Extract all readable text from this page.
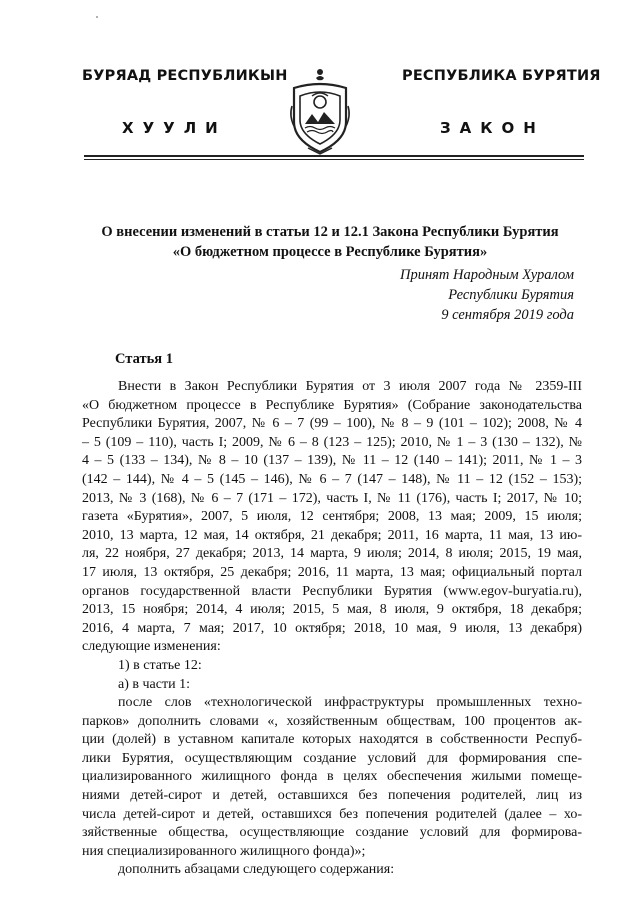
БУРЯАД РЕСПУБЛИКЫН	РЕСПУБЛИКА БУРЯТИЯ
ХУУЛИ	ЗАКОН
О внесении изменений в статьи 12 и 12.1 Закона Республики Бурятия
«О бюджетном процессе в Республике Бурятия»
Принят Народным Хуралом
Республики Бурятия
9 сентября 2019 года
Статья 1
Внести в Закон Республики Бурятия от 3 июля 2007 года № 2359-III
«О бюджетном процессе в Республике Бурятия» (Собрание законодательства
Республики Бурятия, 2007, № 6 – 7 (99 – 100), № 8 – 9 (101 – 102); 2008, № 4
– 5 (109 – 110), часть I; 2009, № 6 – 8 (123 – 125); 2010, № 1 – 3 (130 – 132), №
4 – 5 (133 – 134), № 8 – 10 (137 – 139), № 11 – 12 (140 – 141); 2011, № 1 – 3
(142 – 144), № 4 – 5 (145 – 146), № 6 – 7 (147 – 148), № 11 – 12 (152 – 153);
2013, № 3 (168), № 6 – 7 (171 – 172), часть I, № 11 (176), часть I; 2017, № 10;
газета «Бурятия», 2007, 5 июля, 12 сентября; 2008, 13 мая; 2009, 15 июля;
2010, 13 марта, 12 мая, 14 октября, 21 декабря; 2011, 16 марта, 11 мая, 13 ию-
ля, 22 ноября, 27 декабря; 2013, 14 марта, 9 июля; 2014, 8 июля; 2015, 19 мая,
17 июля, 13 октября, 25 декабря; 2016, 11 марта, 13 мая; официальный портал
органов государственной власти Республики Бурятия (www.egov-buryatia.ru),
2013, 15 ноября; 2014, 4 июля; 2015, 5 мая, 8 июля, 9 октября, 18 декабря;
2016, 4 марта, 7 мая; 2017, 10 октября; 2018, 10 мая, 9 июля, 13 декабря)
следующие изменения:
1) в статье 12:
а) в части 1:
после слов «технологической инфраструктуры промышленных техно-
парков» дополнить словами «, хозяйственным обществам, 100 процентов ак-
ции (долей) в уставном капитале которых находятся в собственности Респуб-
лики Бурятия, осуществляющим создание условий для формирования спе-
циализированного жилищного фонда в целях обеспечения жилыми помеще-
ниями детей-сирот и детей, оставшихся без попечения родителей, лиц из
числа детей-сирот и детей, оставшихся без попечения родителей (далее – хо-
зяйственные общества, осуществляющие создание условий для формирова-
ния специализированного жилищного фонда)»;
дополнить абзацами следующего содержания:
